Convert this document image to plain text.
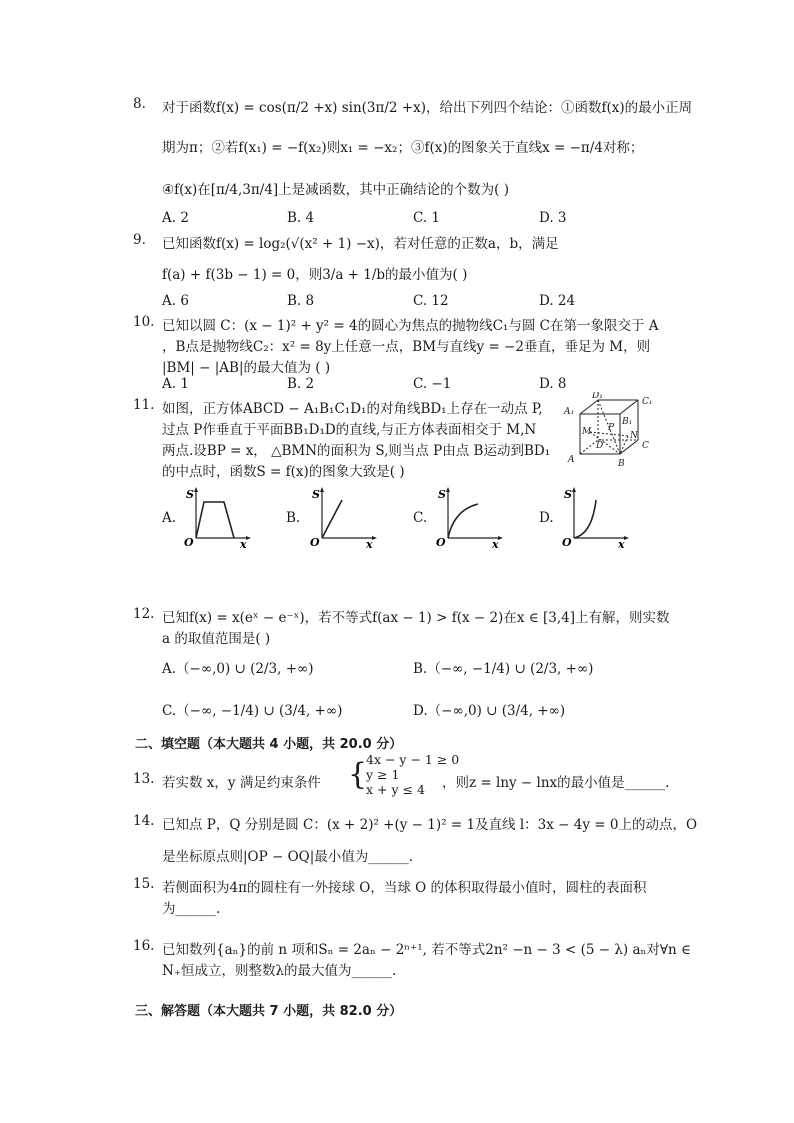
8. 对于函数f(x) = cos(π/2 +x) sin(3π/2 +x)，给出下列四个结论：①函数f(x)的最小正周
期为π；②若f(x₁) = −f(x₂)则x₁ = −x₂；③f(x)的图象关于直线x = −π/4对称；
④f(x)在[π/4,3π/4]上是减函数，其中正确结论的个数为( )
A. 2	B. 4	C. 1	D. 3
9. 已知函数f(x) = log₂(√(x² + 1) −x)，若对任意的正数a，b，满足
f(a) + f(3b − 1) = 0，则3/a + 1/b的最小值为( )
A. 6	B. 8	C. 12	D. 24
10. 已知以圆 C：(x − 1)² + y² = 4的圆心为焦点的抛物线C₁与圆 C在第一象限交于 A
，B点是抛物线C₂：x² = 8y上任意一点，BM与直线y = −2垂直，垂足为 M，则
|BM| − |AB|的最大值为 ( )
A. 1	B. 2	C. −1	D. 8
11. 如图，正方体ABCD − A₁B₁C₁D₁的对角线BD₁上存在一动点 P,
过点 P作垂直于平面BB₁D₁D的直线,与正方体表面相交于 M,N
两点.设BP = x， △BMN的面积为 S,则当点 P由点 B运动到BD₁
的中点时，函数S = f(x)的图象大致是( )
D₁
C₁
A₁
B₁
P
M	N
D	C
A	B
A.	B.	C.	D.
S
O	x
S
O	x
S
O	x
S
O	x
12. 已知f(x) = x(eˣ − e⁻ˣ)，若不等式f(ax − 1) > f(x − 2)在x ∈ [3,4]上有解，则实数
a 的取值范围是( )
A.（−∞,0) ∪ (2/3, +∞)	B.（−∞, −1/4) ∪ (2/3, +∞)
C.（−∞, −1/4) ∪ (3/4, +∞)	D.（−∞,0) ∪ (3/4, +∞)
二、填空题（本大题共 4 小题，共 20.0 分）
13. 若实数 x，y 满足约束条件 {
4x − y − 1 ≥ 0
y ≥ 1
x + y ≤ 4	，则z = lny − lnx的最小值是______.
14. 已知点 P，Q 分别是圆 C：(x + 2)² +(y − 1)² = 1及直线 l：3x − 4y = 0上的动点，O
是坐标原点则|OP − OQ|最小值为______.
15. 若侧面积为4π的圆柱有一外接球 O，当球 O 的体积取得最小值时，圆柱的表面积
为______.
16. 已知数列{aₙ}的前 n 项和Sₙ = 2aₙ − 2ⁿ⁺¹, 若不等式2n² −n − 3 < (5 − λ) aₙ对∀n ∈
N₊恒成立，则整数λ的最大值为______.
三、解答题（本大题共 7 小题，共 82.0 分）
